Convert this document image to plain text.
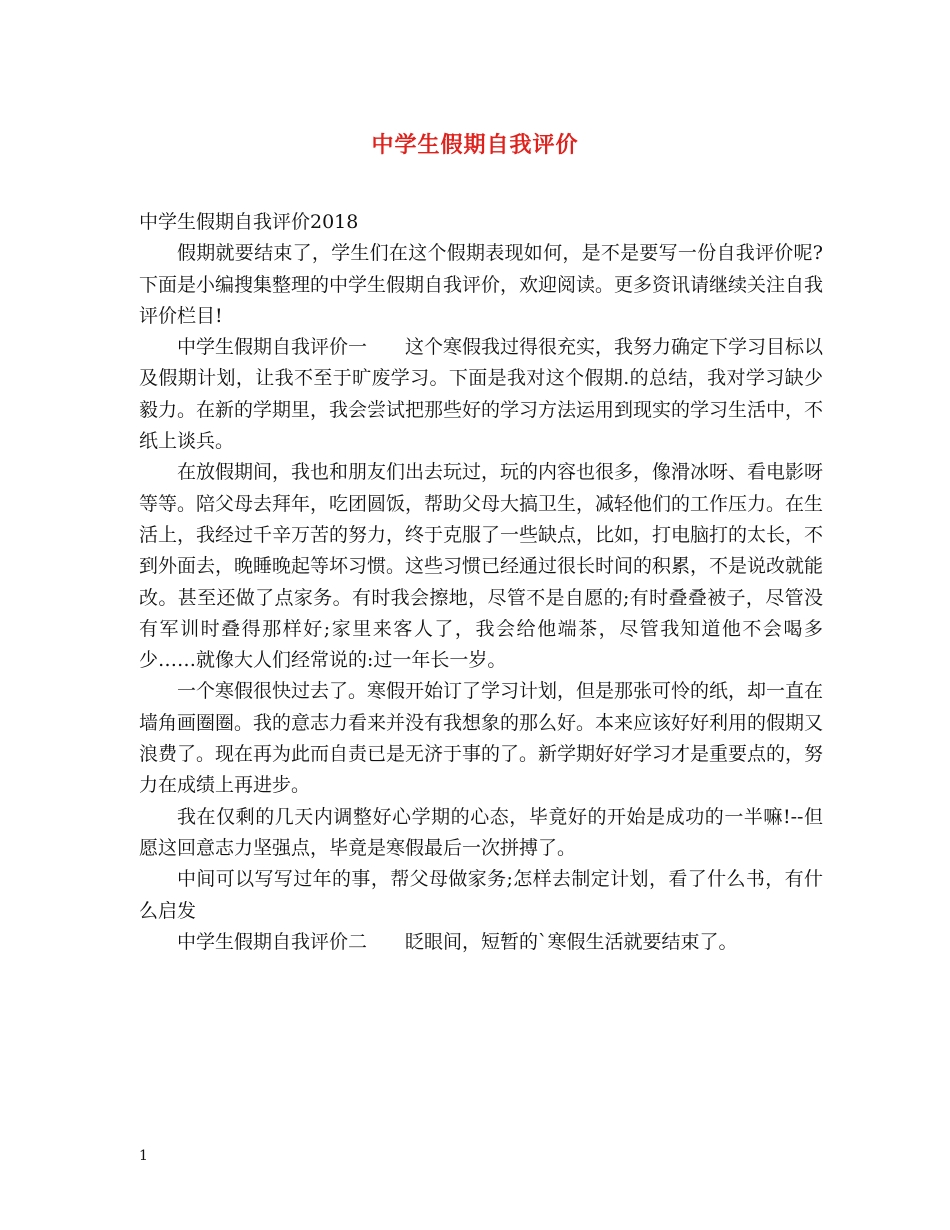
中学生假期自我评价

中学生假期自我评价2018

假期就要结束了，学生们在这个假期表现如何，是不是要写一份自我评价呢?下面是小编搜集整理的中学生假期自我评价，欢迎阅读。更多资讯请继续关注自我评价栏目!

中学生假期自我评价一　　这个寒假我过得很充实，我努力确定下学习目标以及假期计划，让我不至于旷废学习。下面是我对这个假期.的总结，我对学习缺少毅力。在新的学期里，我会尝试把那些好的学习方法运用到现实的学习生活中，不纸上谈兵。

在放假期间，我也和朋友们出去玩过，玩的内容也很多，像滑冰呀、看电影呀等等。陪父母去拜年，吃团圆饭，帮助父母大搞卫生，减轻他们的工作压力。在生活上，我经过千辛万苦的努力，终于克服了一些缺点，比如，打电脑打的太长，不到外面去，晚睡晚起等坏习惯。这些习惯已经通过很长时间的积累，不是说改就能改。甚至还做了点家务。有时我会擦地，尽管不是自愿的;有时叠叠被子，尽管没有军训时叠得那样好;家里来客人了，我会给他端茶，尽管我知道他不会喝多少……就像大人们经常说的:过一年长一岁。

一个寒假很快过去了。寒假开始订了学习计划，但是那张可怜的纸，却一直在墙角画圈圈。我的意志力看来并没有我想象的那么好。本来应该好好利用的假期又浪费了。现在再为此而自责已是无济于事的了。新学期好好学习才是重要点的，努力在成绩上再进步。

我在仅剩的几天内调整好心学期的心态，毕竟好的开始是成功的一半嘛!--但愿这回意志力坚强点，毕竟是寒假最后一次拼搏了。

中间可以写写过年的事，帮父母做家务;怎样去制定计划，看了什么书，有什么启发

中学生假期自我评价二　　眨眼间，短暂的`寒假生活就要结束了。

1
